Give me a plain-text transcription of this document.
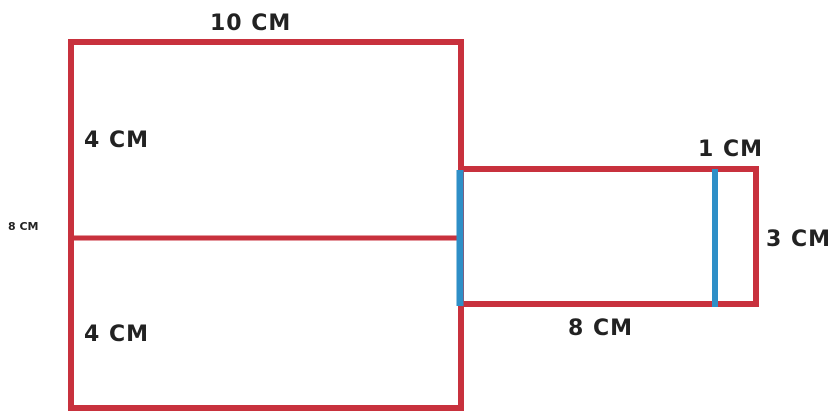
10 CM
4 CM
4 CM
8 CM
1 CM
3 CM
8 CM
